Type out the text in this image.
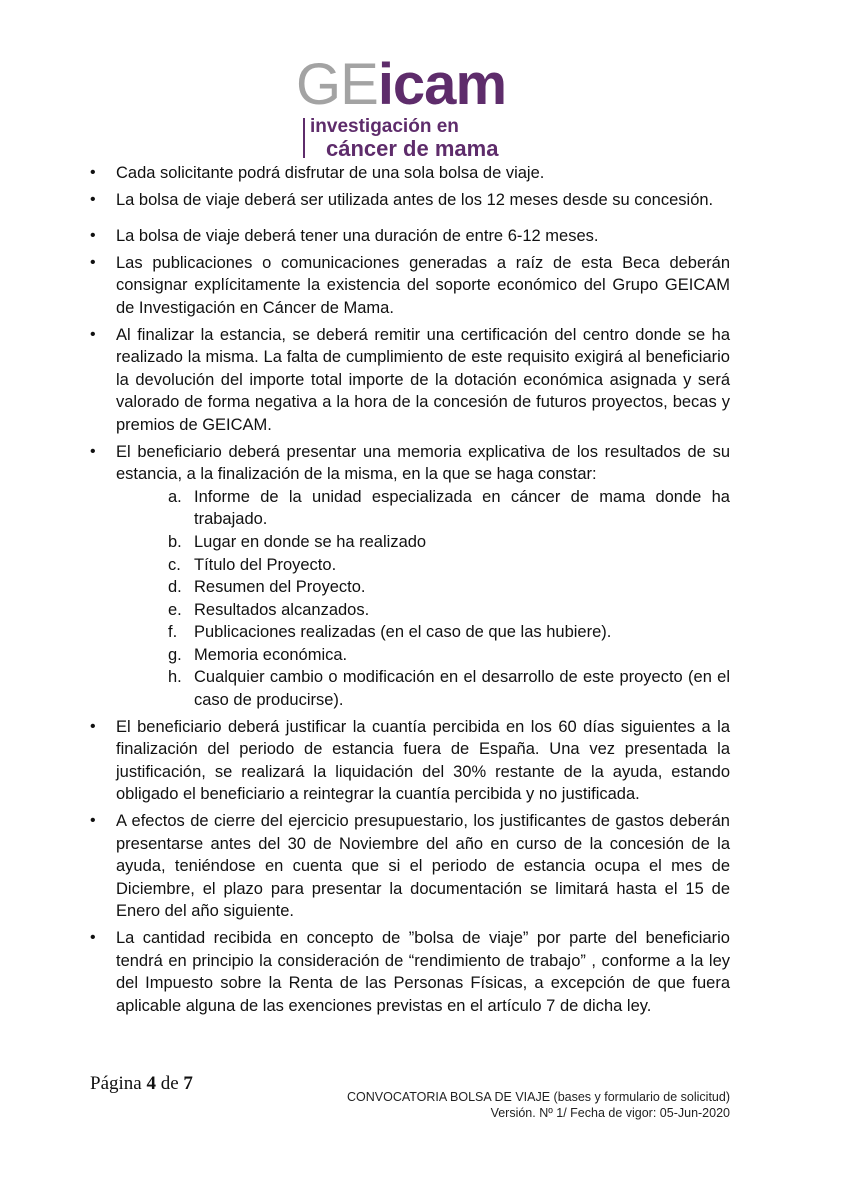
GEicam
investigación en
cáncer de mama
• Cada solicitante podrá disfrutar de una sola bolsa de viaje.
• La bolsa de viaje deberá ser utilizada antes de los 12 meses desde su concesión.
• La bolsa de viaje deberá tener una duración de entre 6-12 meses.
• Las publicaciones o comunicaciones generadas a raíz de esta Beca deberán consignar explícitamente la existencia del soporte económico del Grupo GEICAM de Investigación en Cáncer de Mama.
• Al finalizar la estancia, se deberá remitir una certificación del centro donde se ha realizado la misma. La falta de cumplimiento de este requisito exigirá al beneficiario la devolución del importe total importe de la dotación económica asignada y será valorado de forma negativa a la hora de la concesión de futuros proyectos, becas y premios de GEICAM.
• El beneficiario deberá presentar una memoria explicativa de los resultados de su estancia, a la finalización de la misma, en la que se haga constar:
a. Informe de la unidad especializada en cáncer de mama donde ha trabajado.
b. Lugar en donde se ha realizado
c. Título del Proyecto.
d. Resumen del Proyecto.
e. Resultados alcanzados.
f. Publicaciones realizadas (en el caso de que las hubiere).
g. Memoria económica.
h. Cualquier cambio o modificación en el desarrollo de este proyecto (en el caso de producirse).
• El beneficiario deberá justificar la cuantía percibida en los 60 días siguientes a la finalización del periodo de estancia fuera de España. Una vez presentada la justificación, se realizará la liquidación del 30% restante de la ayuda, estando obligado el beneficiario a reintegrar la cuantía percibida y no justificada.
• A efectos de cierre del ejercicio presupuestario, los justificantes de gastos deberán presentarse antes del 30 de Noviembre del año en curso de la concesión de la ayuda, teniéndose en cuenta que si el periodo de estancia ocupa el mes de Diciembre, el plazo para presentar la documentación se limitará hasta el 15 de Enero del año siguiente.
• La cantidad recibida en concepto de ”bolsa de viaje” por parte del beneficiario tendrá en principio la consideración de “rendimiento de trabajo” , conforme a la ley del Impuesto sobre la Renta de las Personas Físicas, a excepción de que fuera aplicable alguna de las exenciones previstas en el artículo 7 de dicha ley.
Página 4 de 7
CONVOCATORIA BOLSA DE VIAJE (bases y formulario de solicitud)
Versión. Nº 1/ Fecha de vigor: 05-Jun-2020
